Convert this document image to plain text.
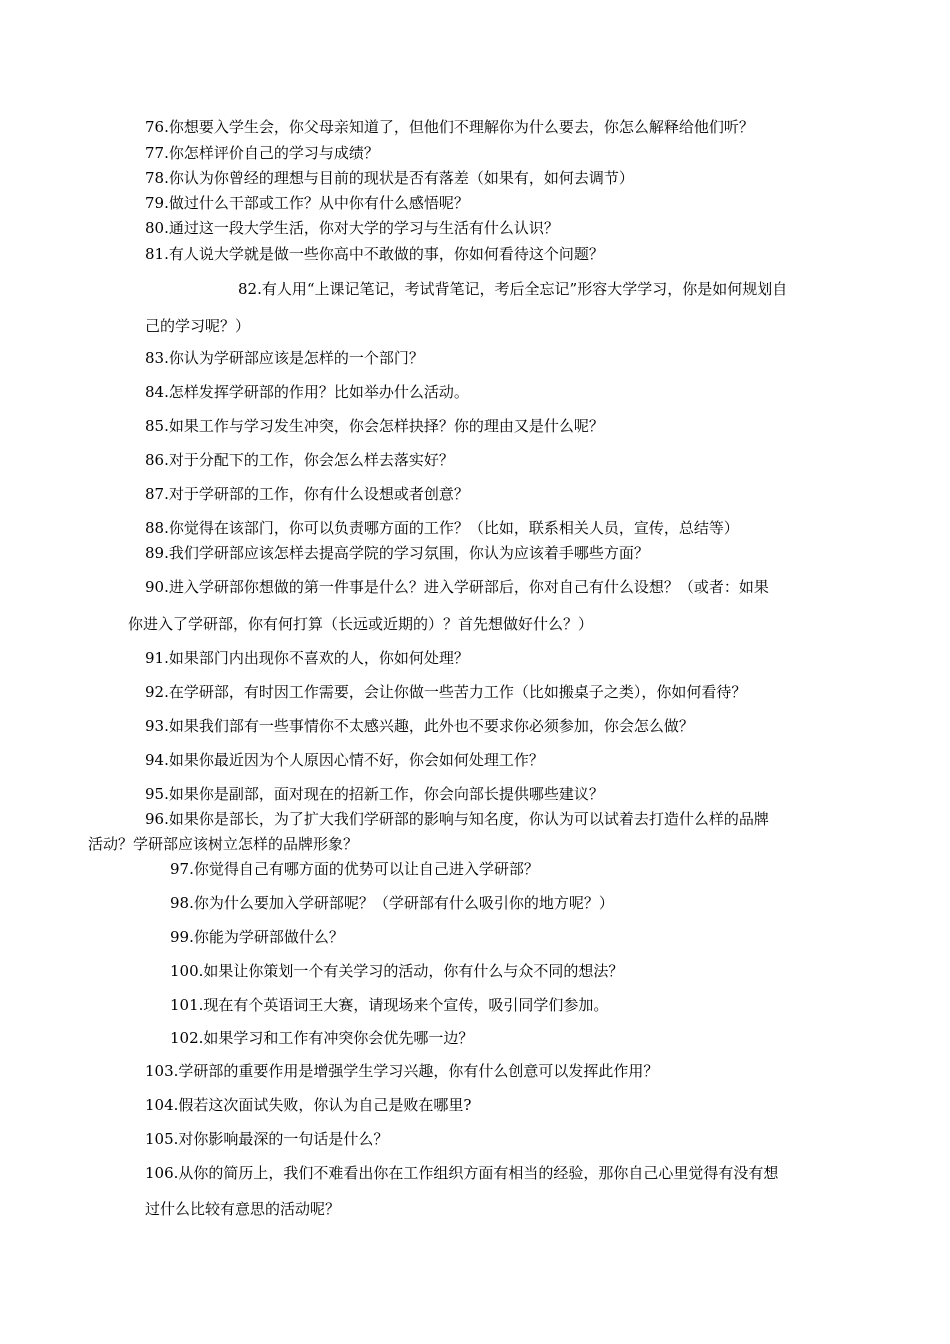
76.你想要入学生会，你父母亲知道了，但他们不理解你为什么要去，你怎么解释给他们听？
77.你怎样评价自己的学习与成绩？
78.你认为你曾经的理想与目前的现状是否有落差（如果有，如何去调节）
79.做过什么干部或工作？从中你有什么感悟呢？
80.通过这一段大学生活，你对大学的学习与生活有什么认识？
81.有人说大学就是做一些你高中不敢做的事，你如何看待这个问题？
82.有人用“上课记笔记，考试背笔记，考后全忘记”形容大学学习，你是如何规划自
己的学习呢？）
83.你认为学研部应该是怎样的一个部门？
84.怎样发挥学研部的作用？比如举办什么活动。
85.如果工作与学习发生冲突，你会怎样抉择？你的理由又是什么呢？
86.对于分配下的工作，你会怎么样去落实好？
87.对于学研部的工作，你有什么设想或者创意？
88.你觉得在该部门，你可以负责哪方面的工作？（比如，联系相关人员，宣传，总结等）
89.我们学研部应该怎样去提高学院的学习氛围，你认为应该着手哪些方面？
90.进入学研部你想做的第一件事是什么？进入学研部后，你对自己有什么设想？（或者：如果
你进入了学研部，你有何打算（长远或近期的）？首先想做好什么？）
91.如果部门内出现你不喜欢的人，你如何处理？
92.在学研部，有时因工作需要，会让你做一些苦力工作（比如搬桌子之类），你如何看待？
93.如果我们部有一些事情你不太感兴趣，此外也不要求你必须参加，你会怎么做？
94.如果你最近因为个人原因心情不好，你会如何处理工作？
95.如果你是副部，面对现在的招新工作，你会向部长提供哪些建议？
96.如果你是部长，为了扩大我们学研部的影响与知名度，你认为可以试着去打造什么样的品牌
活动？学研部应该树立怎样的品牌形象？
97.你觉得自己有哪方面的优势可以让自己进入学研部？
98.你为什么要加入学研部呢？（学研部有什么吸引你的地方呢？）
99.你能为学研部做什么？
100.如果让你策划一个有关学习的活动，你有什么与众不同的想法？
101.现在有个英语词王大赛，请现场来个宣传，吸引同学们参加。
102.如果学习和工作有冲突你会优先哪一边？
103.学研部的重要作用是增强学生学习兴趣，你有什么创意可以发挥此作用？
104.假若这次面试失败，你认为自己是败在哪里?
105.对你影响最深的一句话是什么？
106.从你的简历上，我们不难看出你在工作组织方面有相当的经验，那你自己心里觉得有没有想
过什么比较有意思的活动呢？
